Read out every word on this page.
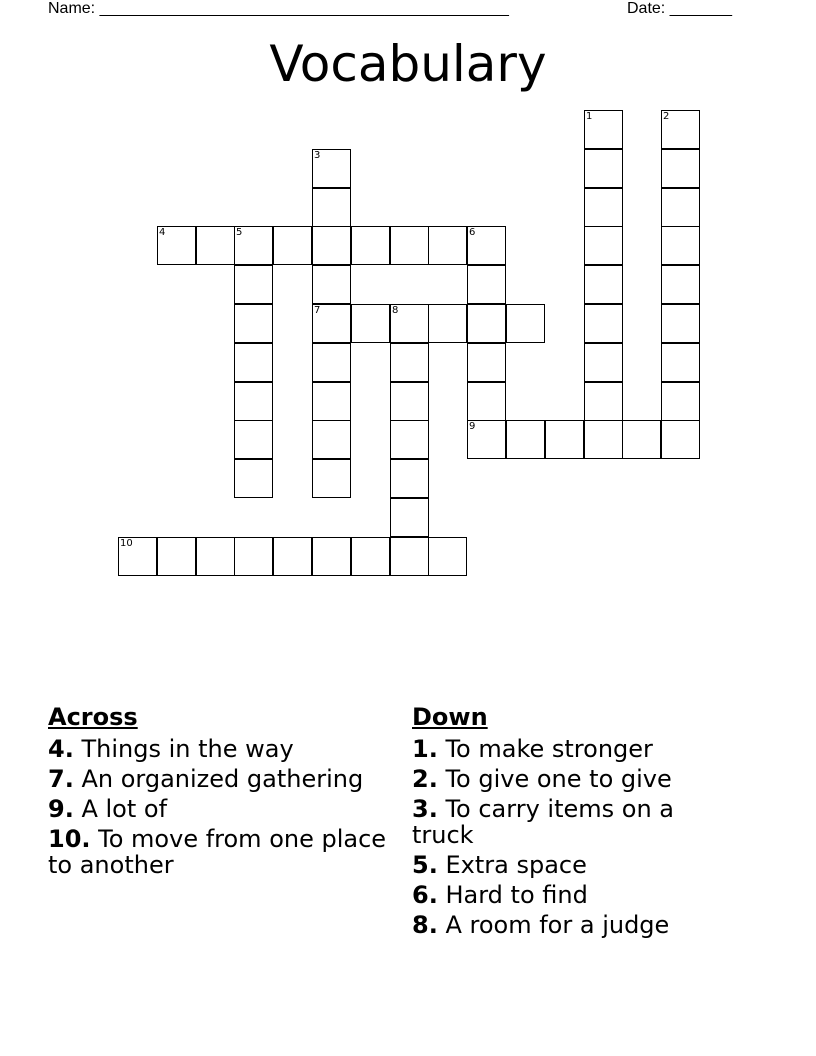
Name: ______________________________________________	Date: _______
Vocabulary
1	2
3
7
4	5	6
9
8
10
Across
4. Things in the way
7. An organized gathering
9. A lot of
10. To move from one place to another
Down
1. To make stronger
2. To give one to give
3. To carry items on a truck
5. Extra space
6. Hard to find
8. A room for a judge
